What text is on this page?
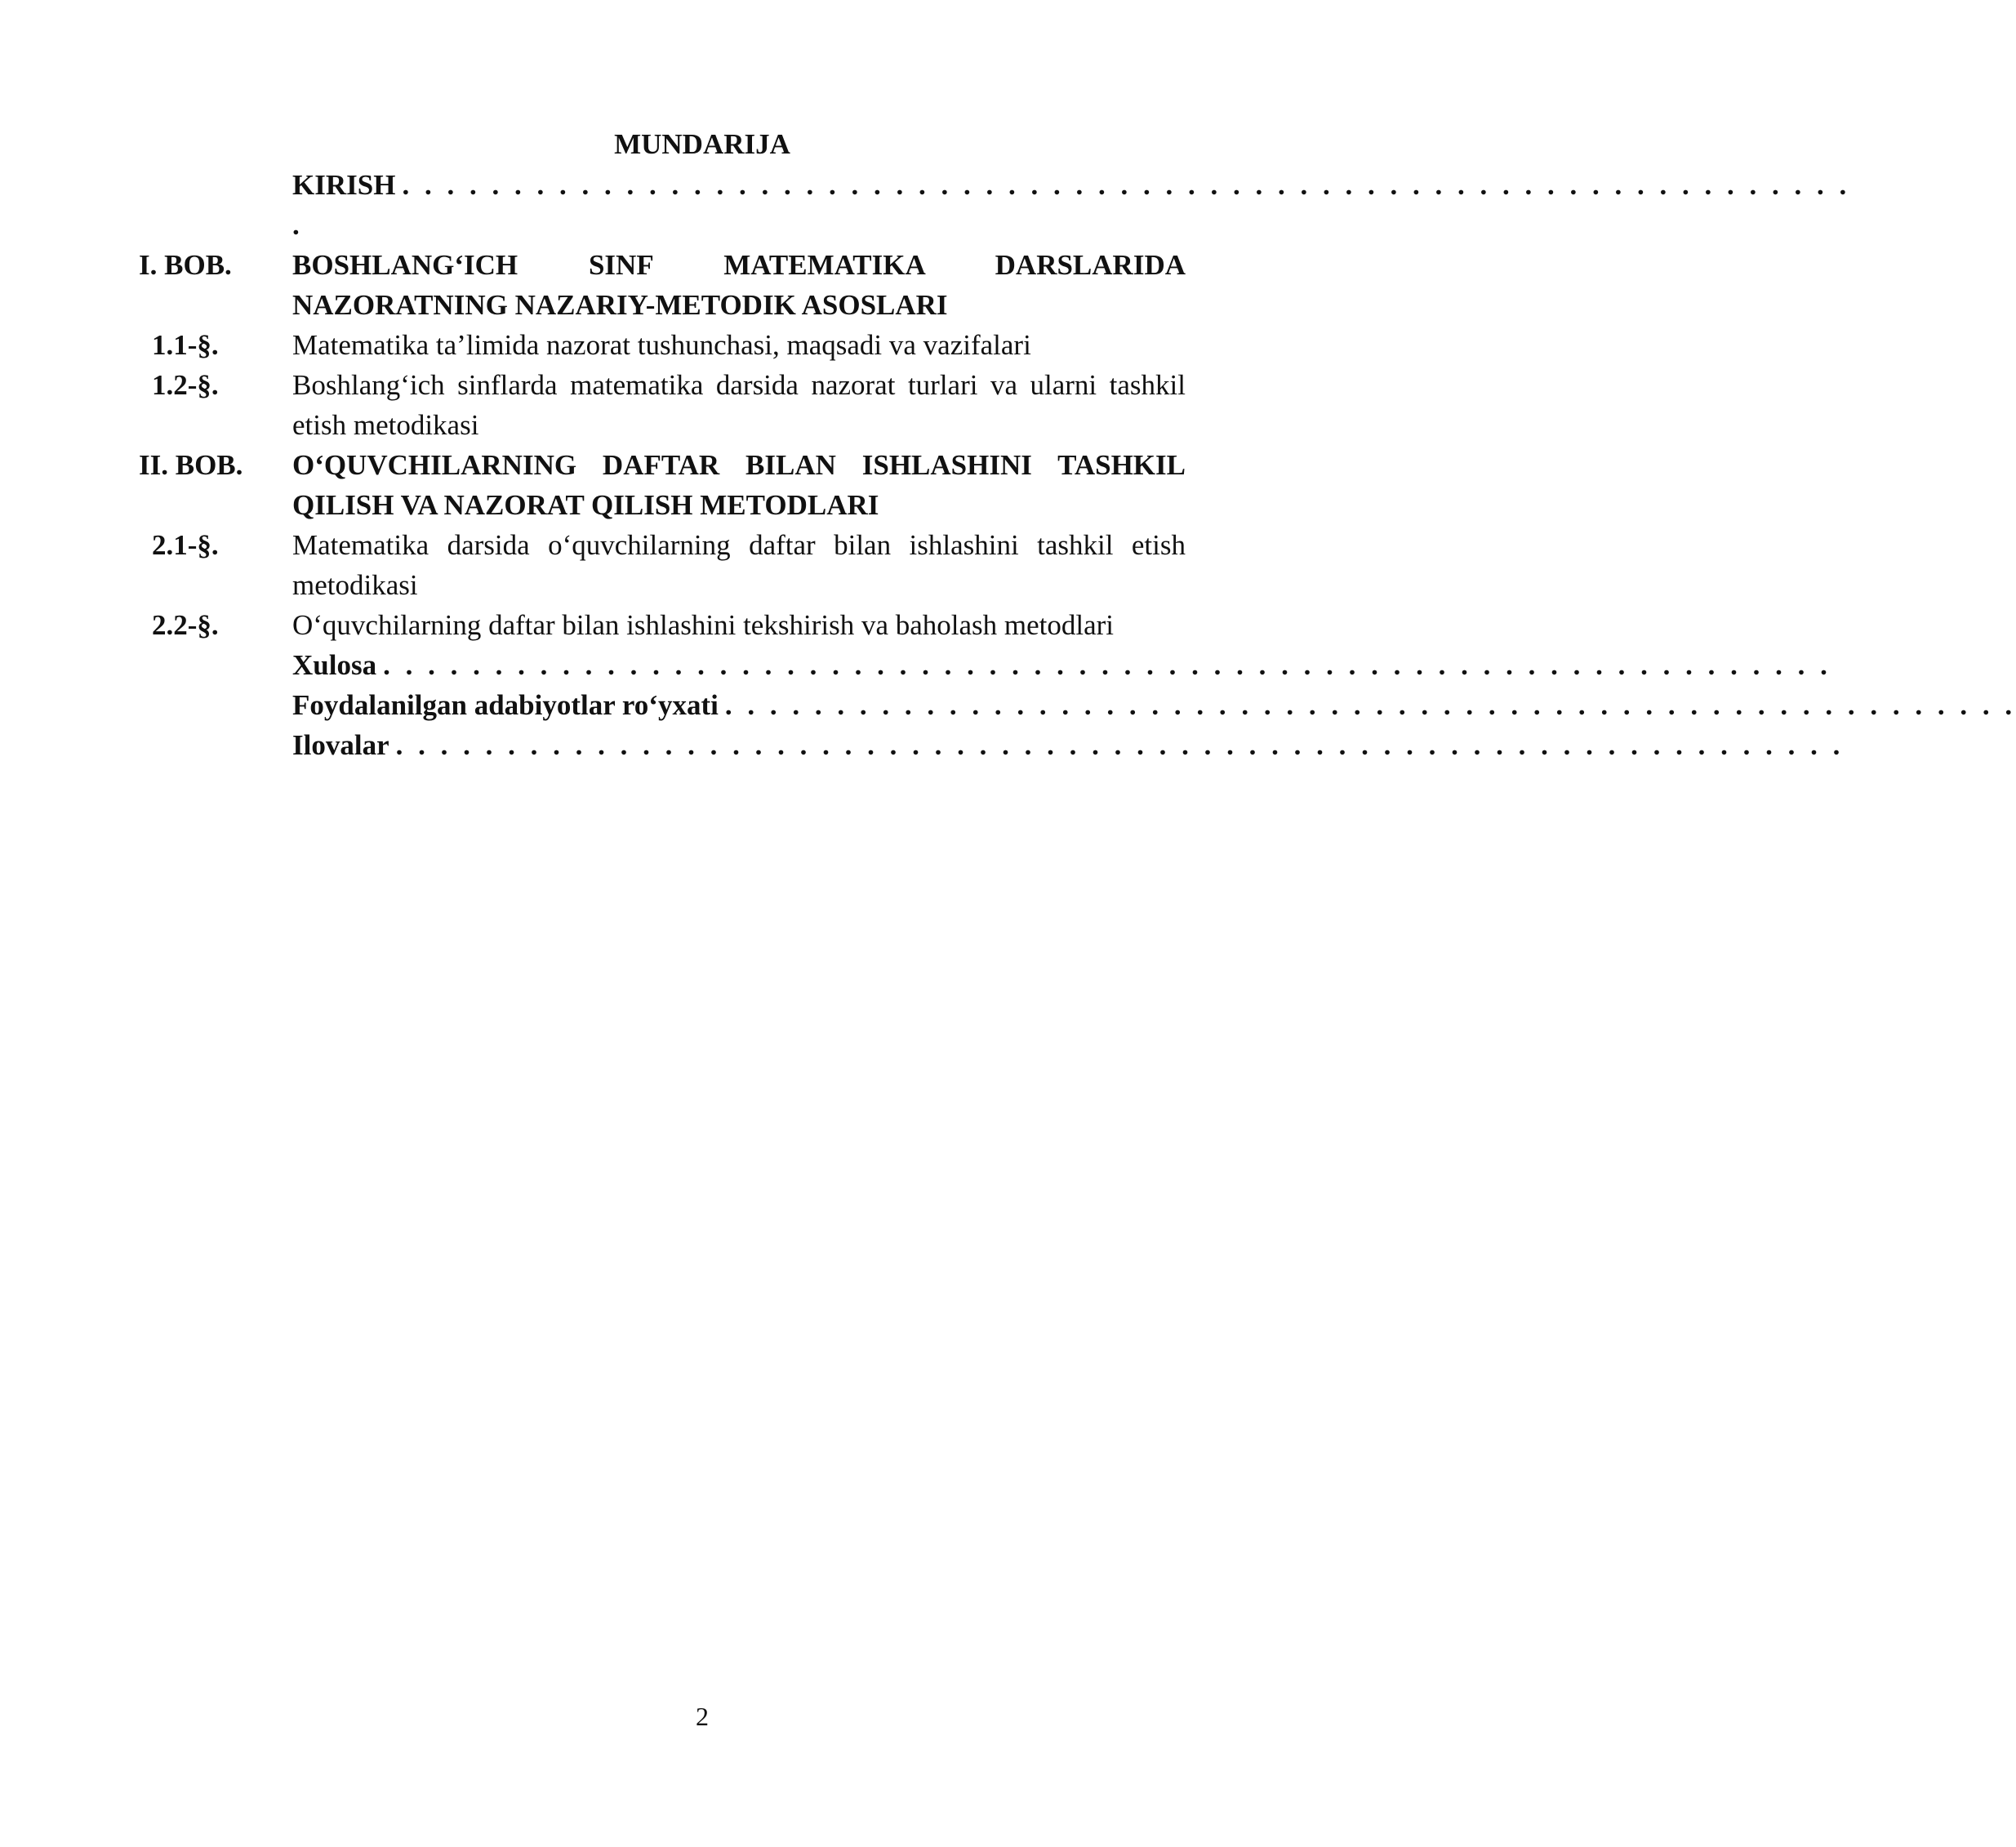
MUNDARIJA
KIRISH . . . . . . . . . . . . . . . . . . . . . . . . . . . . . . . . . . . . . . . . . . . . . . . . . . . . . . . . . . . . . . . . .
.
I. BOB.	BOSHLANG‘ICH SINF MATEMATIKA DARSLARIDA NAZORATNING NAZARIY-METODIK ASOSLARI
1.1-§.	Matematika ta’limida nazorat tushunchasi, maqsadi va vazifalari
1.2-§.	Boshlang‘ich sinflarda matematika darsida nazorat turlari va ularni tashkil etish metodikasi
II. BOB.	O‘QUVCHILARNING DAFTAR BILAN ISHLASHINI TASHKIL QILISH VA NAZORAT QILISH METODLARI
2.1-§.	Matematika darsida o‘quvchilarning daftar bilan ishlashini tashkil etish metodikasi
2.2-§.	O‘quvchilarning daftar bilan ishlashini tekshirish va baholash metodlari
Xulosa . . . . . . . . . . . . . . . . . . . . . . . . . . . . . . . . . . . . . . . . . . . . . . . . . . . . . . . . . . . . . . . . .
Foydalanilgan adabiyotlar ro‘yxati . . . . . . . . . . . . . . . . . . . . . . . . . . . . . . . . . . . . . . . . . . . . . . . . . . . . . . . . . .
Ilovalar . . . . . . . . . . . . . . . . . . . . . . . . . . . . . . . . . . . . . . . . . . . . . . . . . . . . . . . . . . . . . . . . .
2
